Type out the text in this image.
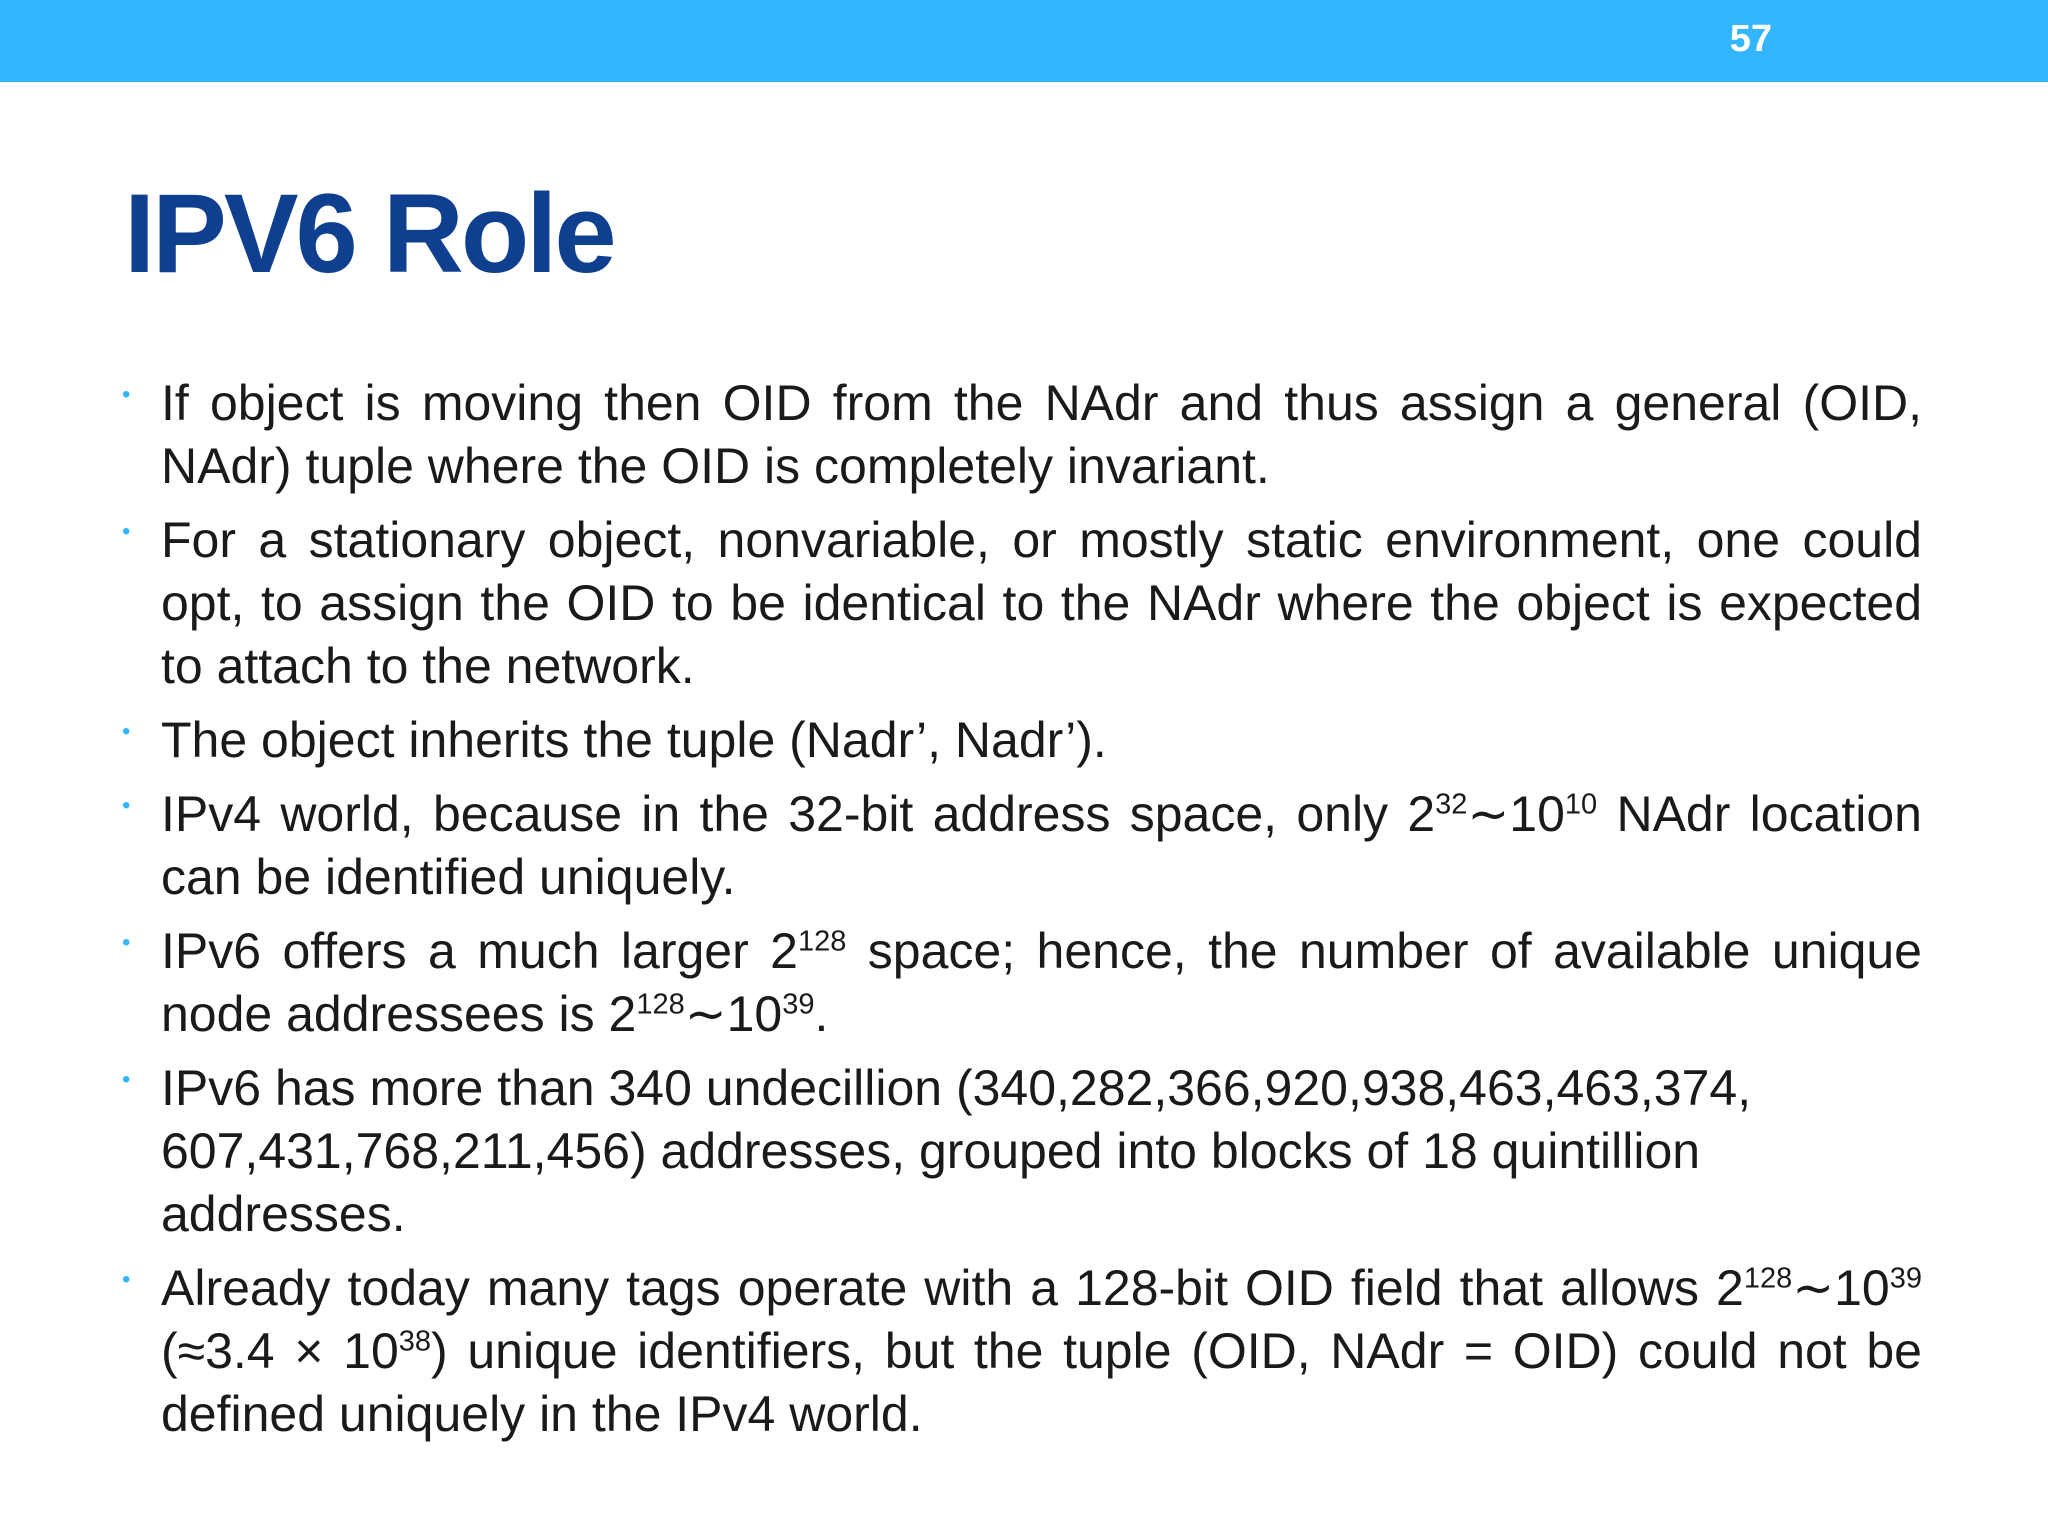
57
IPV6 Role
• If object is moving then OID from the NAdr and thus assign a general (OID, NAdr) tuple where the OID is completely invariant.
• For a stationary object, nonvariable, or mostly static environment, one could opt, to assign the OID to be identical to the NAdr where the object is expected to attach to the network.
• The object inherits the tuple (Nadr’, Nadr’).
• IPv4 world, because in the 32-bit address space, only $2^{32}\sim 10^{10}$ NAdr location can be identified uniquely.
• IPv6 offers a much larger $2^{128}$ space; hence, the number of available unique node addressees is $2^{128}\sim 10^{39}$.
• IPv6 has more than 340 undecillion (340,282,366,920,938,463,463,374, 607,431,768,211,456) addresses, grouped into blocks of 18 quintillion addresses.
• Already today many tags operate with a 128-bit OID field that allows $2^{128}\sim 10^{39}$ $(\approx 3.4 \times 10^{38})$ unique identifiers, but the tuple (OID, NAdr = OID) could not be defined uniquely in the IPv4 world.
